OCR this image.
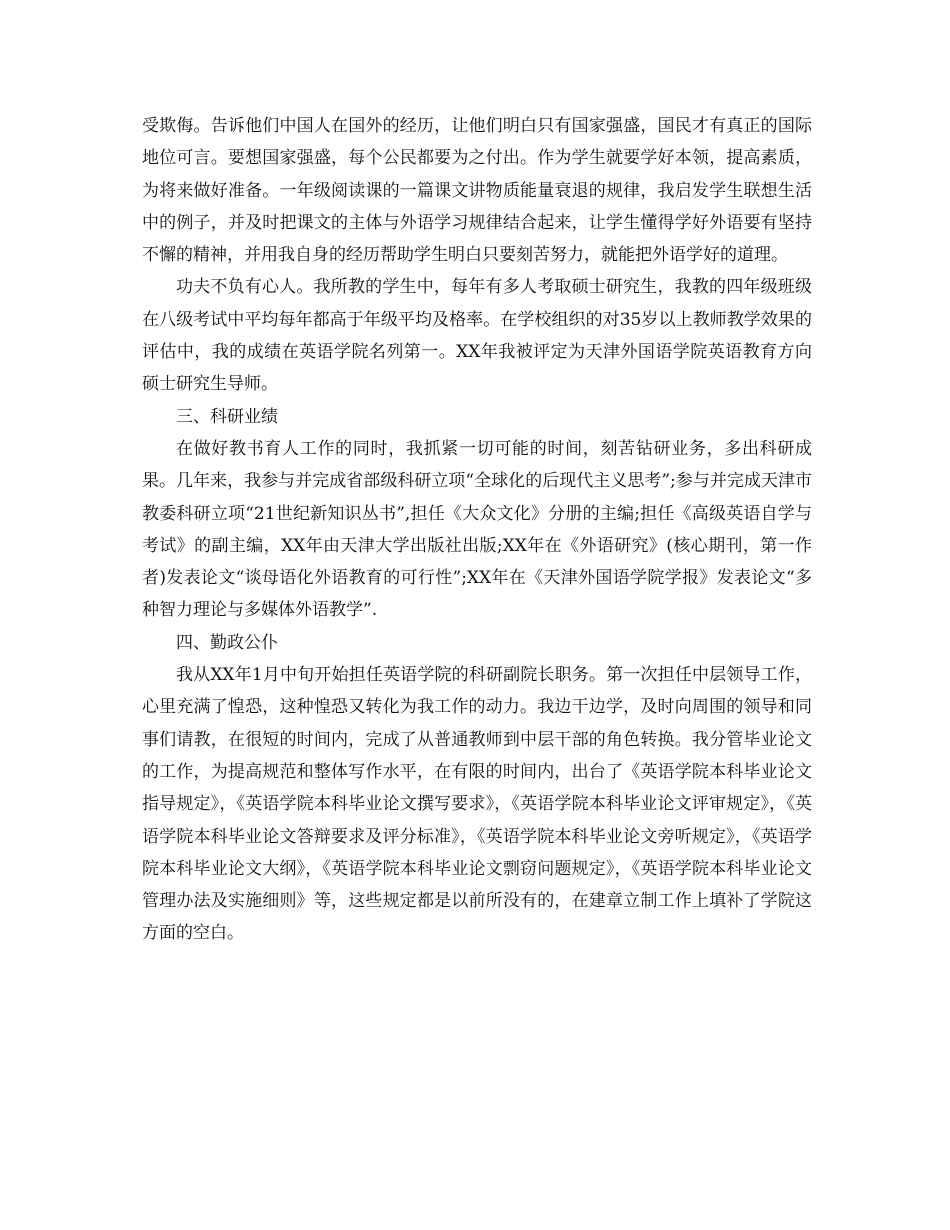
受欺侮。告诉他们中国人在国外的经历，让他们明白只有国家强盛，国民才有真正的国际地位可言。要想国家强盛，每个公民都要为之付出。作为学生就要学好本领，提高素质，为将来做好准备。一年级阅读课的一篇课文讲物质能量衰退的规律，我启发学生联想生活中的例子，并及时把课文的主体与外语学习规律结合起来，让学生懂得学好外语要有坚持不懈的精神，并用我自身的经历帮助学生明白只要刻苦努力，就能把外语学好的道理。

功夫不负有心人。我所教的学生中，每年有多人考取硕士研究生，我教的四年级班级在八级考试中平均每年都高于年级平均及格率。在学校组织的对35岁以上教师教学效果的评估中，我的成绩在英语学院名列第一。XX年我被评定为天津外国语学院英语教育方向硕士研究生导师。

三、科研业绩

在做好教书育人工作的同时，我抓紧一切可能的时间，刻苦钻研业务，多出科研成果。几年来，我参与并完成省部级科研立项“全球化的后现代主义思考”;参与并完成天津市教委科研立项“21世纪新知识丛书”,担任《大众文化》分册的主编;担任《高级英语自学与考试》的副主编，XX年由天津大学出版社出版;XX年在《外语研究》(核心期刊，第一作者)发表论文“谈母语化外语教育的可行性”;XX年在《天津外国语学院学报》发表论文“多种智力理论与多媒体外语教学”.

四、勤政公仆

我从XX年1月中旬开始担任英语学院的科研副院长职务。第一次担任中层领导工作，心里充满了惶恐，这种惶恐又转化为我工作的动力。我边干边学，及时向周围的领导和同事们请教，在很短的时间内，完成了从普通教师到中层干部的角色转换。我分管毕业论文的工作，为提高规范和整体写作水平，在有限的时间内，出台了《英语学院本科毕业论文指导规定》，《英语学院本科毕业论文撰写要求》，《英语学院本科毕业论文评审规定》，《英语学院本科毕业论文答辩要求及评分标准》，《英语学院本科毕业论文旁听规定》，《英语学院本科毕业论文大纲》，《英语学院本科毕业论文剽窃问题规定》，《英语学院本科毕业论文管理办法及实施细则》等，这些规定都是以前所没有的，在建章立制工作上填补了学院这方面的空白。
